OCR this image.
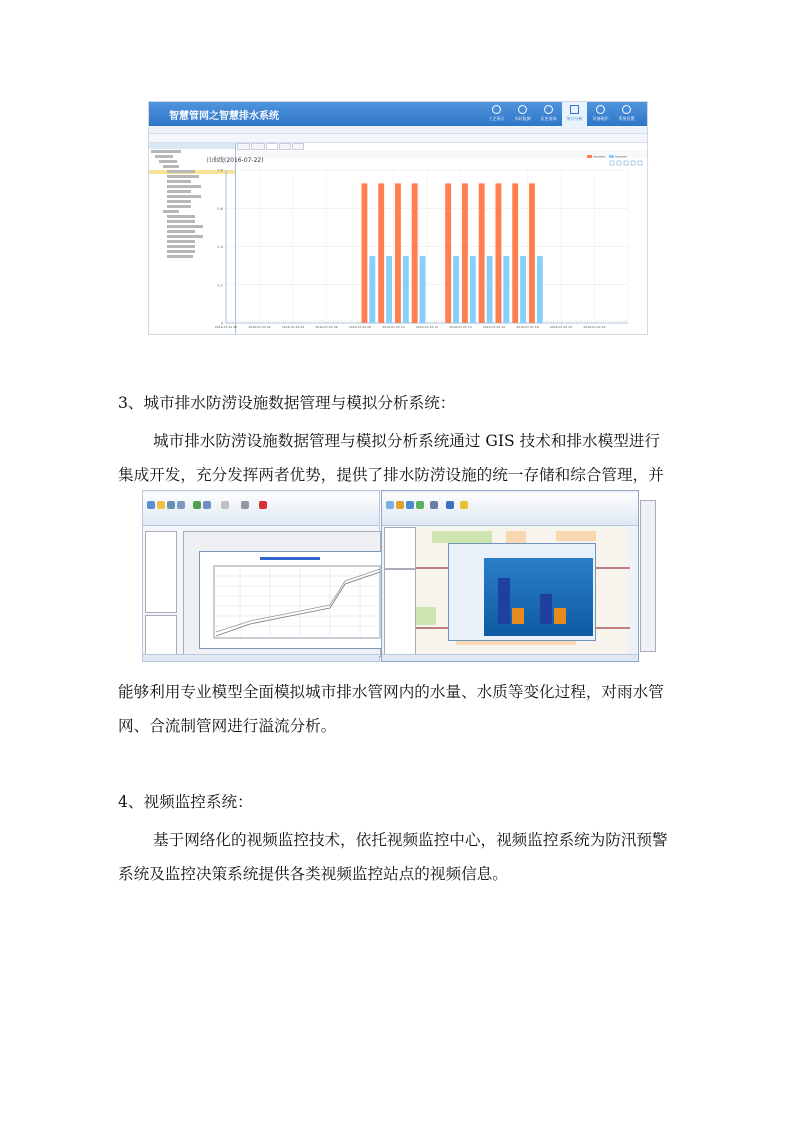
智慧管网之智慧排水系统	工艺展示	实时监测	历史查询	统计分析	设备维护	系统设置

日曲线(2016-07-22)
0
0.2
0.4
0.6
0.8
2016-07-22 00	2016-07-22 02	2016-07-22 04	2016-07-22 06	2016-07-22 08	2016-07-22 10	2016-07-22 12	2016-07-22 14	2016-07-22 16	2016-07-22 18	2016-07-22 20	2016-07-22 22
3、城市排水防涝设施数据管理与模拟分析系统：
城市排水防涝设施数据管理与模拟分析系统通过 GIS 技术和排水模型进行
集成开发，充分发挥两者优势，提供了排水防涝设施的统一存储和综合管理，并
能够利用专业模型全面模拟城市排水管网内的水量、水质等变化过程，对雨水管
网、合流制管网进行溢流分析。
4、视频监控系统：
基于网络化的视频监控技术，依托视频监控中心，视频监控系统为防汛预警
系统及监控决策系统提供各类视频监控站点的视频信息。
